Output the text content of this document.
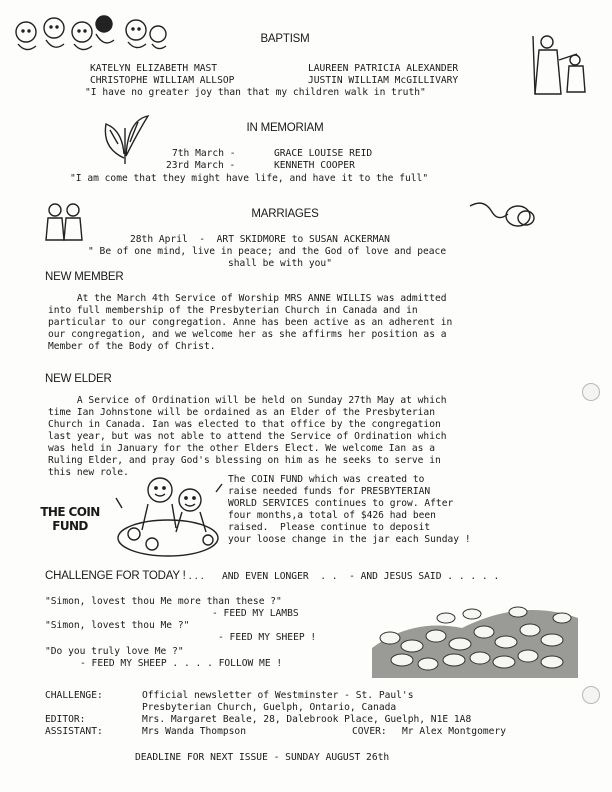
BAPTISM
KATELYN ELIZABETH MAST	LAUREEN PATRICIA ALEXANDER
CHRISTOPHE WILLIAM ALLSOP	JUSTIN WILLIAM McGILLIVARY
"I have no greater joy than that my children walk in truth"
IN MEMORIAM
7th March -	GRACE LOUISE REID
23rd March -	KENNETH COOPER
"I am come that they might have life, and have it to the full"
MARRIAGES
28th April  -  ART SKIDMORE to SUSAN ACKERMAN
" Be of one mind, live in peace; and the God of love and peace
shall be with you"
NEW MEMBER
At the March 4th Service of Worship MRS ANNE WILLIS was admitted
into full membership of the Presbyterian Church in Canada and in
particular to our congregation. Anne has been active as an adherent in
our congregation, and we welcome her as she affirms her position as a
Member of the Body of Christ.
NEW ELDER
A Service of Ordination will be held on Sunday 27th May at which
time Ian Johnstone will be ordained as an Elder of the Presbyterian
Church in Canada. Ian was elected to that office by the congregation
last year, but was not able to attend the Service of Ordination which
was held in January for the other Elders Elect. We welcome Ian as a
Ruling Elder, and pray God's blessing on him as he seeks to serve in
this new role.
THE COIN
FUND
The COIN FUND which was created to
raise needed funds for PRESBYTERIAN
WORLD SERVICES continues to grow. After
four months,a total of $426 had been
raised.  Please continue to deposit
your loose change in the jar each Sunday !
CHALLENGE FOR TODAY ! . . . AND EVEN LONGER  . .  - AND JESUS SAID . . . . .
"Simon, lovest thou Me more than these ?"
- FEED MY LAMBS
"Simon, lovest thou Me ?"
- FEED MY SHEEP !
"Do you truly love Me ?"
- FEED MY SHEEP . . . . FOLLOW ME !
CHALLENGE:	Official newsletter of Westminster - St. Paul's
Presbyterian Church, Guelph, Ontario, Canada
EDITOR:	Mrs. Margaret Beale, 28, Dalebrook Place, Guelph, N1E 1A8
ASSISTANT:	Mrs Wanda Thompson	COVER: Mr Alex Montgomery
DEADLINE FOR NEXT ISSUE - SUNDAY AUGUST 26th
